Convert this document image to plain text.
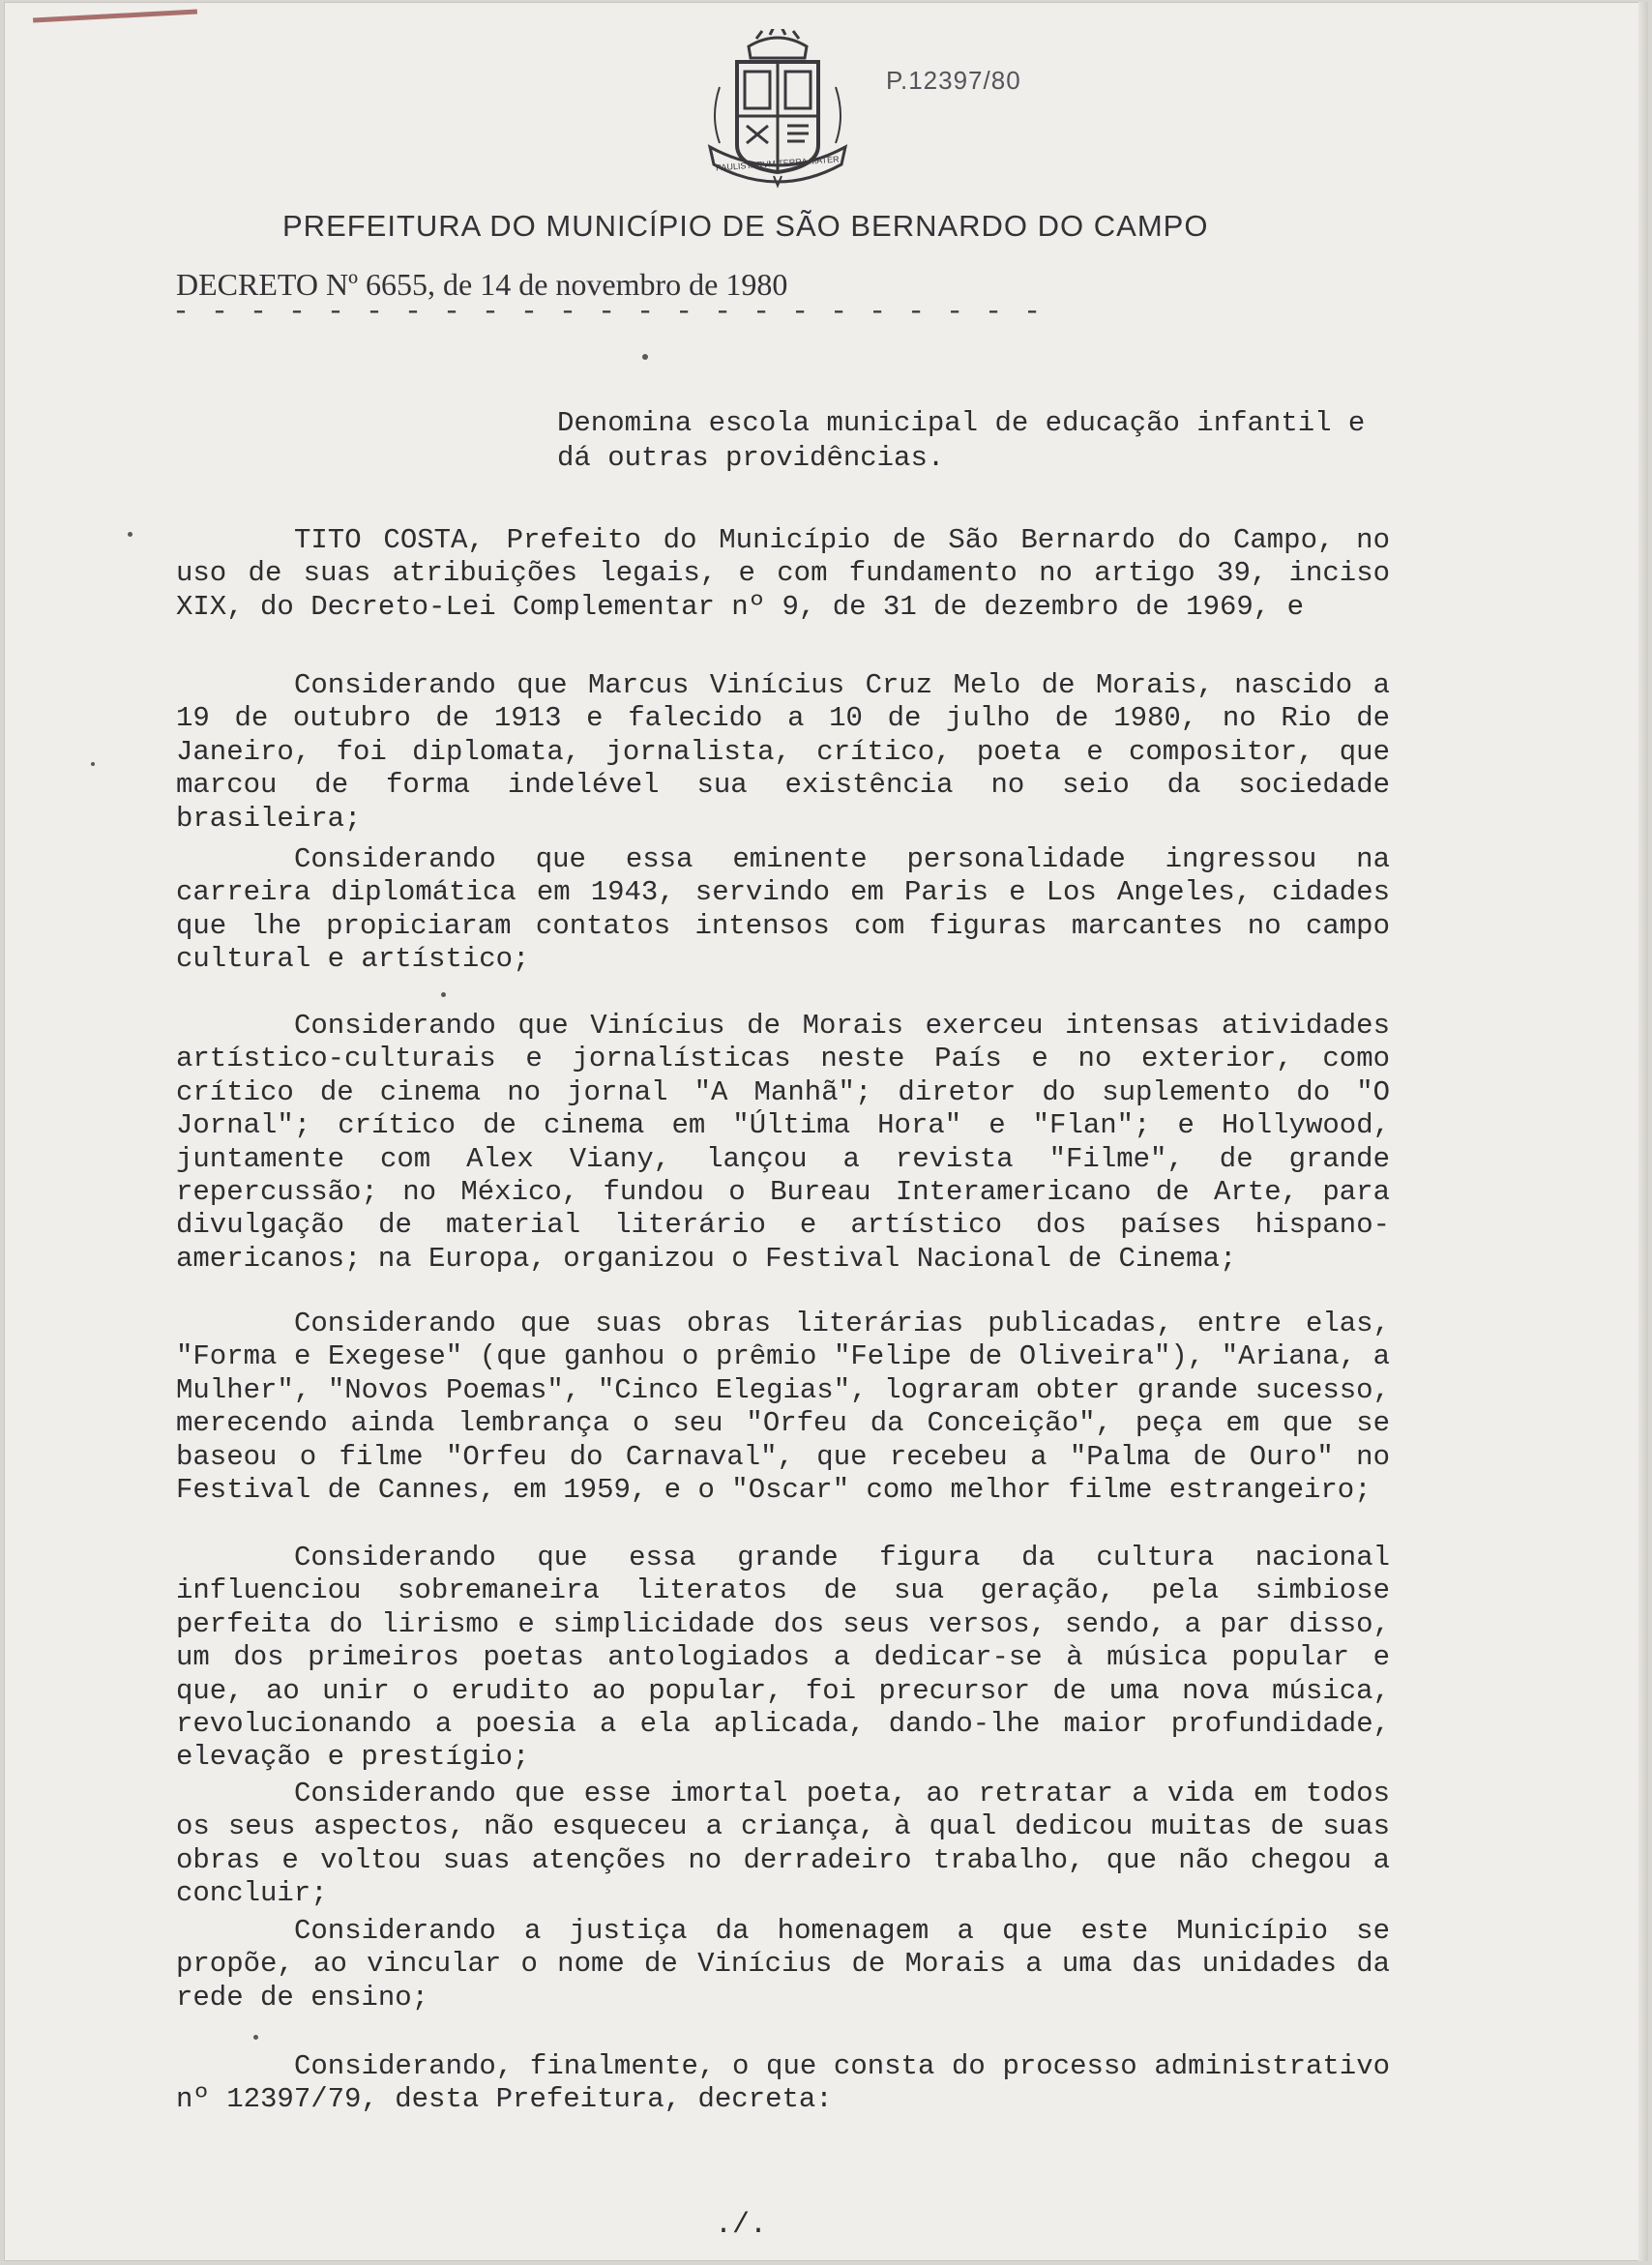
PAULISTARVM TERRA MATER
P.12397/80
PREFEITURA DO MUNICÍPIO DE SÃO BERNARDO DO CAMPO
DECRETO Nº 6655, de 14 de novembro de 1980
- - - - - - - - - - - - - - - - - - - - - - -
Denomina escola municipal de educação infantil e dá outras providências.

TITO COSTA, Prefeito do Município de São Bernardo do Campo, no uso de suas atribuições legais, e com fundamento no artigo 39, inciso XIX, do Decreto-Lei Complementar nº 9, de 31 de dezembro de 1969, e

Considerando que Marcus Vinícius Cruz Melo de Morais, nascido a 19 de outubro de 1913 e falecido a 10 de julho de 1980, no Rio de Janeiro, foi diplomata, jornalista, crítico, poeta e compositor, que marcou de forma indelével sua existência no seio da sociedade brasileira;

Considerando que essa eminente personalidade ingressou na carreira diplomática em 1943, servindo em Paris e Los Angeles, cidades que lhe propiciaram contatos intensos com figuras marcantes no campo cultural e artístico;

Considerando que Vinícius de Morais exerceu intensas atividades artístico-culturais e jornalísticas neste País e no exterior, como crítico de cinema no jornal "A Manhã"; diretor do suplemento do "O Jornal"; crítico de cinema em "Última Hora" e "Flan"; e Hollywood, juntamente com Alex Viany, lançou a revista "Filme", de grande repercussão; no México, fundou o Bureau Interamericano de Arte, para divulgação de material literário e artístico dos países hispano-americanos; na Europa, organizou o Festival Nacional de Cinema;

Considerando que suas obras literárias publicadas, entre elas, "Forma e Exegese" (que ganhou o prêmio "Felipe de Oliveira"), "Ariana, a Mulher", "Novos Poemas", "Cinco Elegias", lograram obter grande sucesso, merecendo ainda lembrança o seu "Orfeu da Conceição", peça em que se baseou o filme "Orfeu do Carnaval", que recebeu a "Palma de Ouro" no Festival de Cannes, em 1959, e o "Oscar" como melhor filme estrangeiro;

Considerando que essa grande figura da cultura nacional influenciou sobremaneira literatos de sua geração, pela simbiose perfeita do lirismo e simplicidade dos seus versos, sendo, a par disso, um dos primeiros poetas antologiados a dedicar-se à música popular e que, ao unir o erudito ao popular, foi precursor de uma nova música, revolucionando a poesia a ela aplicada, dando-lhe maior profundidade, elevação e prestígio;

Considerando que esse imortal poeta, ao retratar a vida em todos os seus aspectos, não esqueceu a criança, à qual dedicou muitas de suas obras e voltou suas atenções no derradeiro trabalho, que não chegou a concluir;

Considerando a justiça da homenagem a que este Município se propõe, ao vincular o nome de Vinícius de Morais a uma das unidades da rede de ensino;

Considerando, finalmente, o que consta do processo administrativo nº 12397/79, desta Prefeitura, decreta:

./.
